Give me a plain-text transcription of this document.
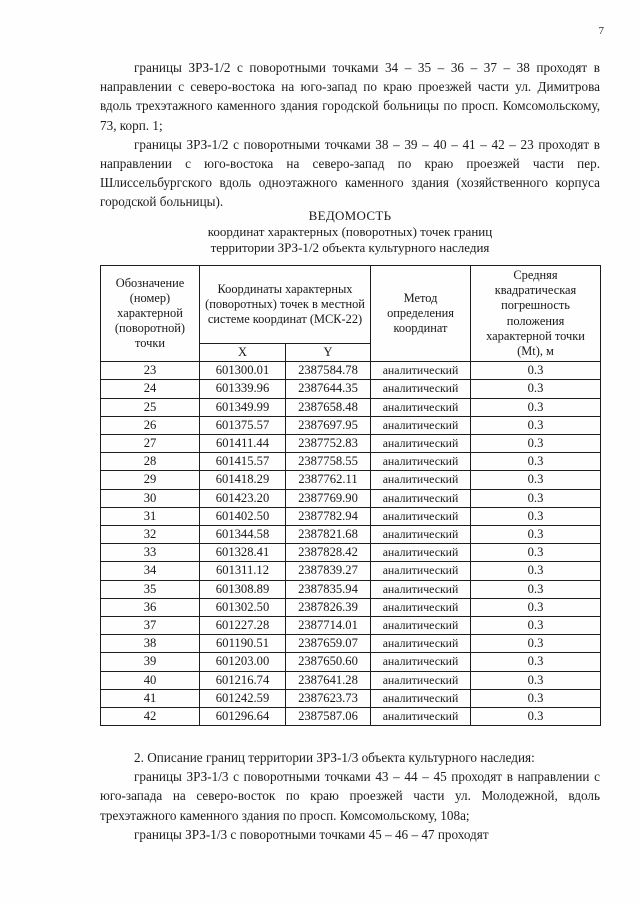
7

границы ЗРЗ-1/2 с поворотными точками 34 – 35 – 36 – 37 – 38 проходят в направлении с северо-востока на юго-запад по краю проезжей части ул. Димитрова вдоль трехэтажного каменного здания городской больницы по просп. Комсомольскому, 73, корп. 1;

границы ЗРЗ-1/2 с поворотными точками 38 – 39 – 40 – 41 – 42 – 23 проходят в направлении с юго-востока на северо-запад по краю проезжей части пер. Шлиссельбургского вдоль одноэтажного каменного здания (хозяйственного корпуса городской больницы).

ВЕДОМОСТЬ
координат характерных (поворотных) точек границ
территории ЗРЗ-1/2 объекта культурного наследия
Обозначение (номер) характерной (поворотной) точки	Координаты характерных (поворотных) точек в местной системе координат (МСК-22)		Метод определения координат	Средняя квадратическая погрешность положения характерной точки (Mt), м
	X	Y		
23	601300.01	2387584.78	аналитический	0.3
24	601339.96	2387644.35	аналитический	0.3
25	601349.99	2387658.48	аналитический	0.3
26	601375.57	2387697.95	аналитический	0.3
27	601411.44	2387752.83	аналитический	0.3
28	601415.57	2387758.55	аналитический	0.3
29	601418.29	2387762.11	аналитический	0.3
30	601423.20	2387769.90	аналитический	0.3
31	601402.50	2387782.94	аналитический	0.3
32	601344.58	2387821.68	аналитический	0.3
33	601328.41	2387828.42	аналитический	0.3
34	601311.12	2387839.27	аналитический	0.3
35	601308.89	2387835.94	аналитический	0.3
36	601302.50	2387826.39	аналитический	0.3
37	601227.28	2387714.01	аналитический	0.3
38	601190.51	2387659.07	аналитический	0.3
39	601203.00	2387650.60	аналитический	0.3
40	601216.74	2387641.28	аналитический	0.3
41	601242.59	2387623.73	аналитический	0.3
42	601296.64	2387587.06	аналитический	0.3

2. Описание границ территории ЗРЗ-1/3 объекта культурного наследия:

границы ЗРЗ-1/3 с поворотными точками 43 – 44 – 45 проходят в направлении с юго-запада на северо-восток по краю проезжей части ул. Молодежной, вдоль трехэтажного каменного здания по просп. Комсомольскому, 108а;

границы ЗРЗ-1/3 с поворотными точками 45 – 46 – 47 проходят
